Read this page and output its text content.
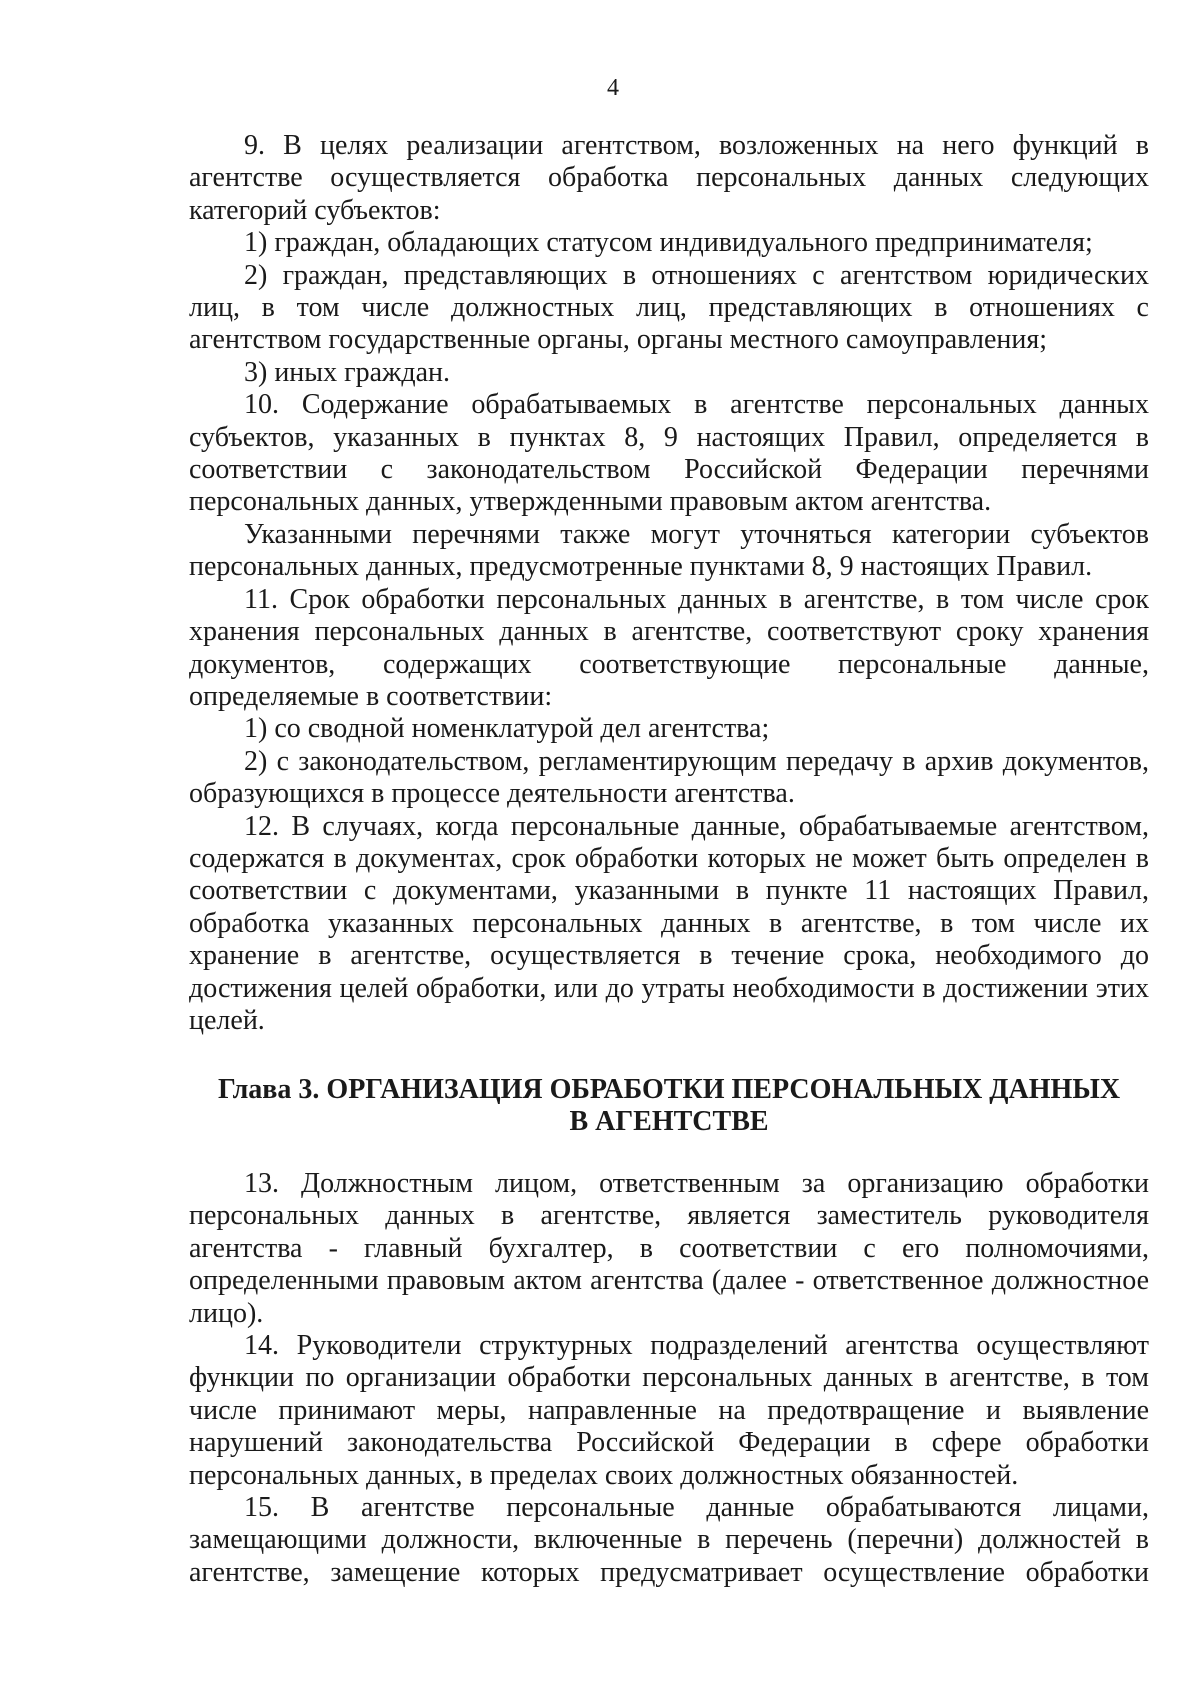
4

9. В целях реализации агентством, возложенных на него функций в агентстве осуществляется обработка персональных данных следующих категорий субъектов:

1) граждан, обладающих статусом индивидуального предпринимателя;

2) граждан, представляющих в отношениях с агентством юридических лиц, в том числе должностных лиц, представляющих в отношениях с агентством государственные органы, органы местного самоуправления;

3) иных граждан.

10. Содержание обрабатываемых в агентстве персональных данных субъектов, указанных в пунктах 8, 9 настоящих Правил, определяется в соответствии с законодательством Российской Федерации перечнями персональных данных, утвержденными правовым актом агентства.

Указанными перечнями также могут уточняться категории субъектов персональных данных, предусмотренные пунктами 8, 9 настоящих Правил.

11. Срок обработки персональных данных в агентстве, в том числе срок хранения персональных данных в агентстве, соответствуют сроку хранения документов, содержащих соответствующие персональные данные, определяемые в соответствии:

1) со сводной номенклатурой дел агентства;

2) с законодательством, регламентирующим передачу в архив документов, образующихся в процессе деятельности агентства.

12. В случаях, когда персональные данные, обрабатываемые агентством, содержатся в документах, срок обработки которых не может быть определен в соответствии с документами, указанными в пункте 11 настоящих Правил, обработка указанных персональных данных в агентстве, в том числе их хранение в агентстве, осуществляется в течение срока, необходимого до достижения целей обработки, или до утраты необходимости в достижении этих целей.

Глава 3. ОРГАНИЗАЦИЯ ОБРАБОТКИ ПЕРСОНАЛЬНЫХ ДАННЫХ
В АГЕНТСТВЕ

13. Должностным лицом, ответственным за организацию обработки персональных данных в агентстве, является заместитель руководителя агентства - главный бухгалтер, в соответствии с его полномочиями, определенными правовым актом агентства (далее - ответственное должностное лицо).

14. Руководители структурных подразделений агентства осуществляют функции по организации обработки персональных данных в агентстве, в том числе принимают меры, направленные на предотвращение и выявление нарушений законодательства Российской Федерации в сфере обработки персональных данных, в пределах своих должностных обязанностей.

15. В агентстве персональные данные обрабатываются лицами, замещающими должности, включенные в перечень (перечни) должностей в агентстве, замещение которых предусматривает осуществление обработки
